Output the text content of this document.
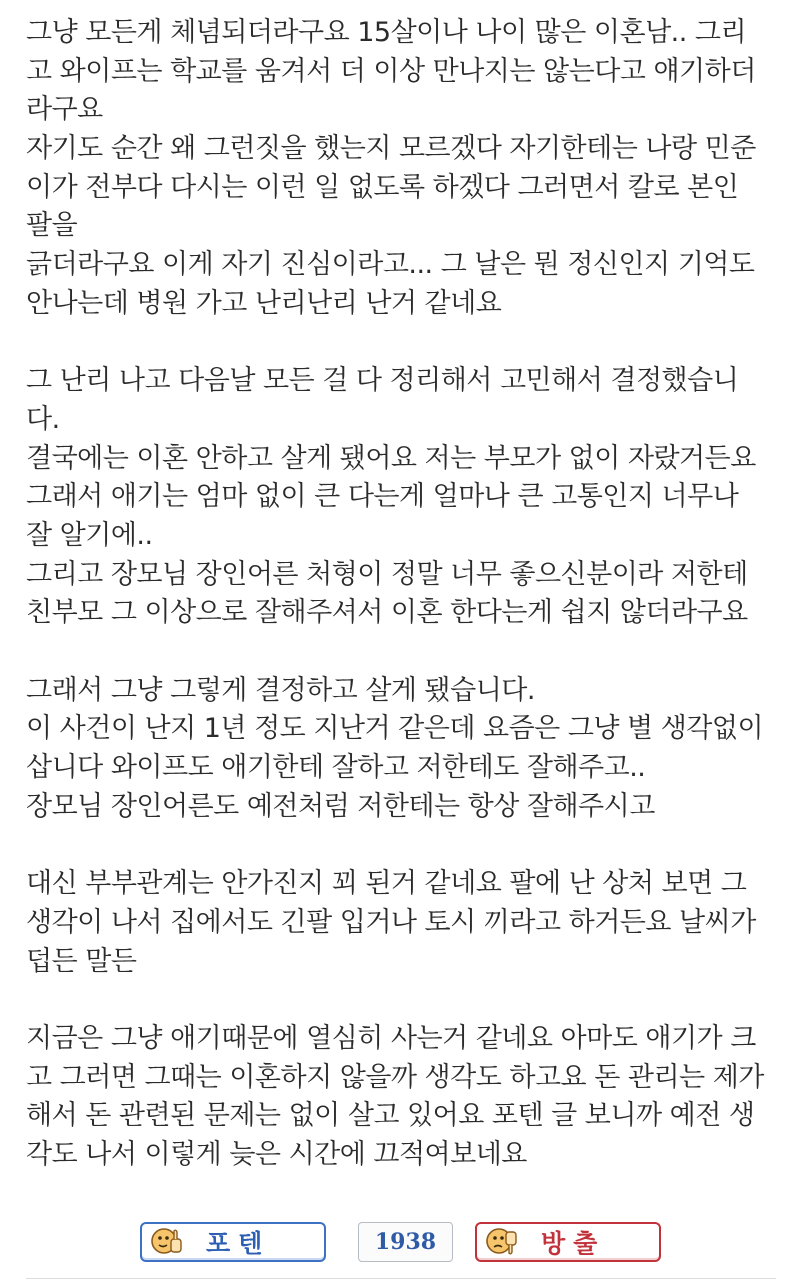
그냥 모든게 체념되더라구요 15살이나 나이 많은 이혼남.. 그리
고 와이프는 학교를 움겨서 더 이상 만나지는 않는다고 얘기하더
라구요
자기도 순간 왜 그런짓을 했는지 모르겠다 자기한테는 나랑 민준
이가 전부다 다시는 이런 일 없도록 하겠다 그러면서 칼로 본인
팔을
긁더라구요 이게 자기 진심이라고... 그 날은 뭔 정신인지 기억도
안나는데 병원 가고 난리난리 난거 같네요
그 난리 나고 다음날 모든 걸 다 정리해서 고민해서 결정했습니
다.
결국에는 이혼 안하고 살게 됐어요 저는 부모가 없이 자랐거든요
그래서 애기는 엄마 없이 큰 다는게 얼마나 큰 고통인지 너무나
잘 알기에..
그리고 장모님 장인어른 처형이 정말 너무 좋으신분이라 저한테
친부모 그 이상으로 잘해주셔서 이혼 한다는게 쉽지 않더라구요
그래서 그냥 그렇게 결정하고 살게 됐습니다.
이 사건이 난지 1년 정도 지난거 같은데 요즘은 그냥 별 생각없이
삽니다 와이프도 애기한테 잘하고 저한테도 잘해주고..
장모님 장인어른도 예전처럼 저한테는 항상 잘해주시고
대신 부부관계는 안가진지 꾀 된거 같네요 팔에 난 상처 보면 그
생각이 나서 집에서도 긴팔 입거나 토시 끼라고 하거든요 날씨가
덥든 말든
지금은 그냥 애기때문에 열심히 사는거 같네요 아마도 애기가 크
고 그러면 그때는 이혼하지 않을까 생각도 하고요 돈 관리는 제가
해서 돈 관련된 문제는 없이 살고 있어요 포텐 글 보니까 예전 생
각도 나서 이렇게 늦은 시간에 끄적여보네요
포텐	1938	방출
